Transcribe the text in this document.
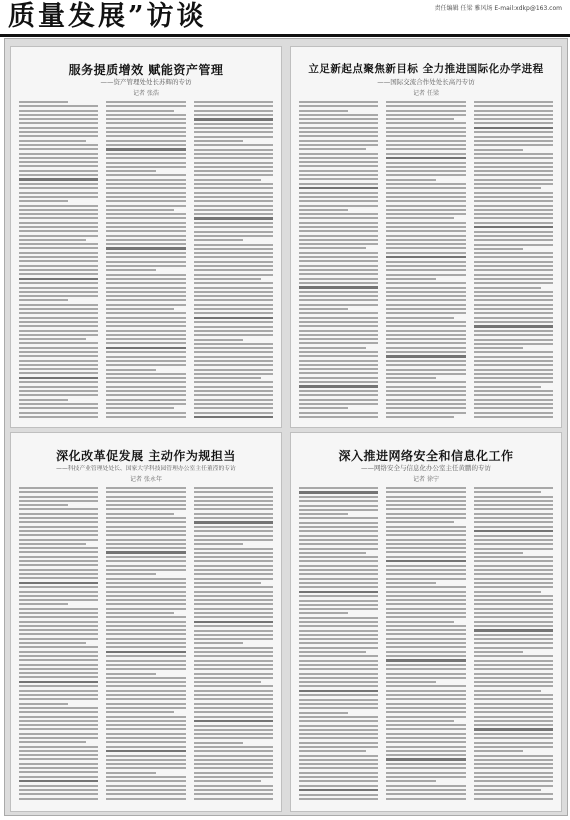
质量发展”访谈	责任编辑 任梁 雅风场 E-mail:xdkp@163.com
服务提质增效 赋能资产管理
——资产管理处处长苏辉的专访
记者 张浩
立足新起点聚焦新目标 全力推进国际化办学进程
——国际交流合作处处长高丹专访
记者 任梁
深化改革促发展 主动作为规担当
——科技产业管理处处长、国家大学科技园管理办公室主任董滢的专访
记者 张永年
深入推进网络安全和信息化工作
——网络安全与信息化办公室主任黄鹏的专访
记者 徐宁
